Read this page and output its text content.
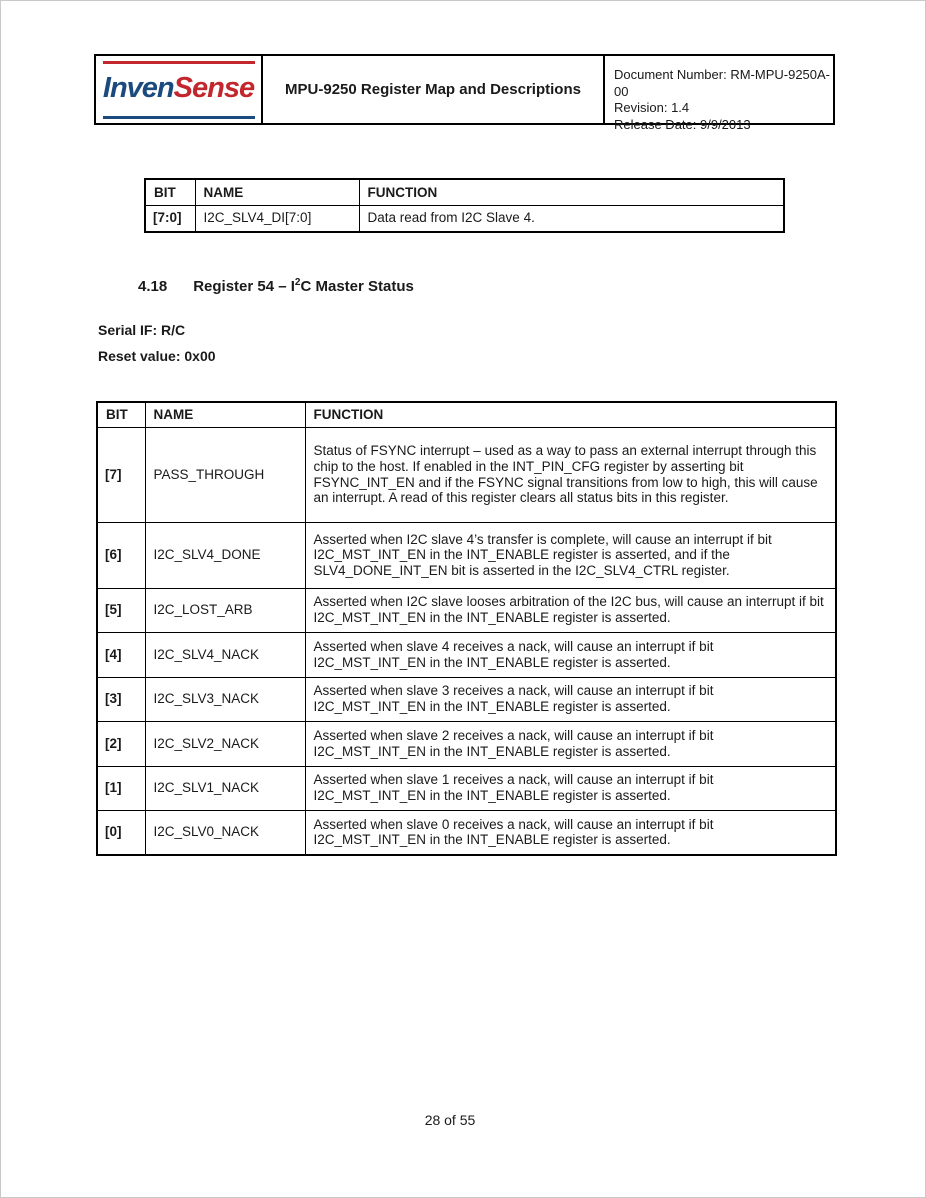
Inven Sense	MPU-9250 Register Map and Descriptions
Document Number: RM-MPU-9250A-00
Revision: 1.4
Release Date: 9/9/2013
BIT	NAME	FUNCTION
[7:0]	I2C_SLV4_DI[7:0]	Data read from I2C Slave 4.
4.18 Register $54 - I^2C$ Master Status
Serial IF: R/C
Reset value: 0x00
BIT	NAME	FUNCTION
[7]	PASS_THROUGH	Status of FSYNC interrupt – used as a way to pass an external interrupt through this chip to the host. If enabled in the INT_PIN_CFG register by asserting bit FSYNC_INT_EN and if the FSYNC signal transitions from low to high, this will cause an interrupt. A read of this register clears all status bits in this register.
[6]	I2C_SLV4_DONE	Asserted when I2C slave 4’s transfer is complete, will cause an interrupt if bit I2C_MST_INT_EN in the INT_ENABLE register is asserted, and if the SLV4_DONE_INT_EN bit is asserted in the I2C_SLV4_CTRL register.
[5]	I2C_LOST_ARB	Asserted when I2C slave looses arbitration of the I2C bus, will cause an interrupt if bit I2C_MST_INT_EN in the INT_ENABLE register is asserted.
[4]	I2C_SLV4_NACK	Asserted when slave 4 receives a nack, will cause an interrupt if bit I2C_MST_INT_EN in the INT_ENABLE register is asserted.
[3]	I2C_SLV3_NACK	Asserted when slave 3 receives a nack, will cause an interrupt if bit I2C_MST_INT_EN in the INT_ENABLE register is asserted.
[2]	I2C_SLV2_NACK	Asserted when slave 2 receives a nack, will cause an interrupt if bit I2C_MST_INT_EN in the INT_ENABLE register is asserted.
[1]	I2C_SLV1_NACK	Asserted when slave 1 receives a nack, will cause an interrupt if bit I2C_MST_INT_EN in the INT_ENABLE register is asserted.
[0]	I2C_SLV0_NACK	Asserted when slave 0 receives a nack, will cause an interrupt if bit I2C_MST_INT_EN in the INT_ENABLE register is asserted.
28 of 55
